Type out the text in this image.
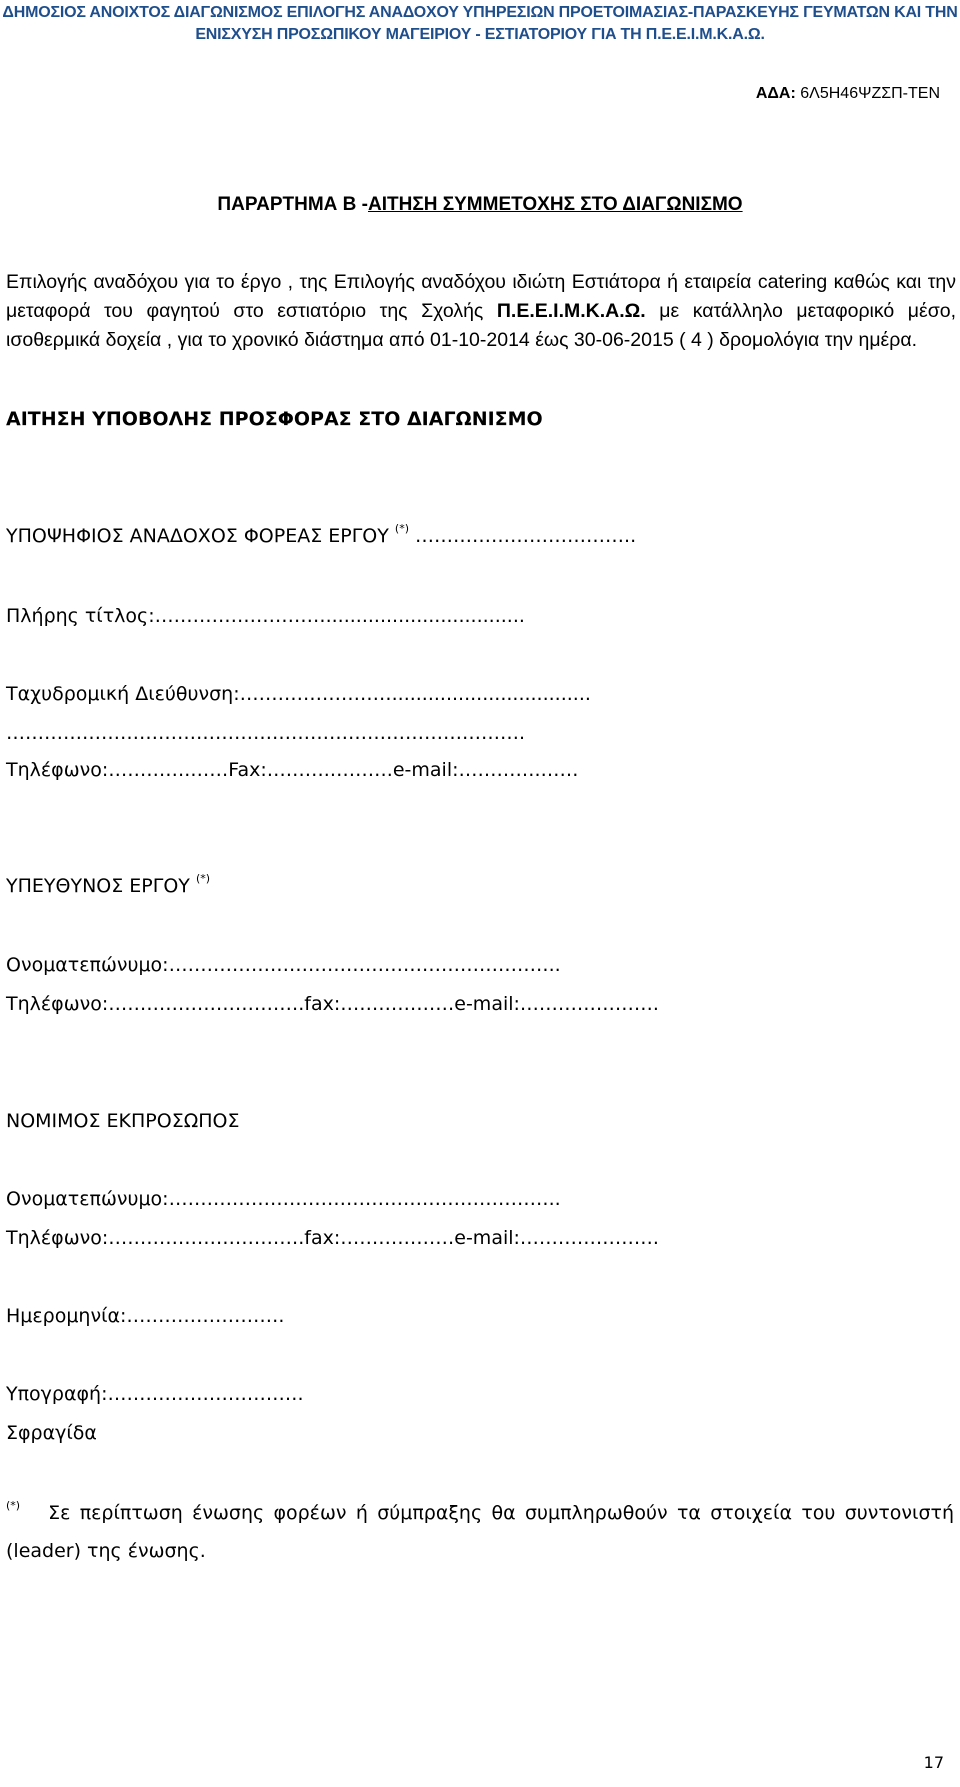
ΔΗΜΟΣΙΟΣ ΑΝΟΙΧΤΟΣ ΔΙΑΓΩΝΙΣΜΟΣ ΕΠΙΛΟΓΗΣ ΑΝΑΔΟΧΟΥ ΥΠΗΡΕΣΙΩΝ ΠΡΟΕΤΟΙΜΑΣΙΑΣ-ΠΑΡΑΣΚΕΥΗΣ ΓΕΥΜΑΤΩΝ ΚΑΙ ΤΗΝ
ΕΝΙΣΧΥΣΗ ΠΡΟΣΩΠΙΚΟΥ ΜΑΓΕΙΡΙΟΥ - ΕΣΤΙΑΤΟΡΙΟΥ ΓΙΑ ΤΗ Π.Ε.Ε.Ι.Μ.Κ.Α.Ω.
ΑΔΑ: 6Λ5Η46ΨΖΣΠ-ΤΕΝ
ΠΑΡΑΡΤΗΜΑ Β -ΑΙΤΗΣΗ ΣΥΜΜΕΤΟΧΗΣ ΣΤΟ ΔΙΑΓΩΝΙΣΜΟ
Επιλογής αναδόχου για το έργο , της Επιλογής αναδόχου ιδιώτη Εστιάτορα ή εταιρεία catering καθώς και την μεταφορά του φαγητού στο εστιατόριο της Σχολής Π.Ε.Ε.Ι.Μ.Κ.Α.Ω. με κατάλληλο μεταφορικό μέσο, ισοθερμικά δοχεία , για το χρονικό διάστημα από 01-10-2014 έως 30-06-2015 ( 4 ) δρομολόγια την ημέρα.
ΑΙΤΗΣΗ ΥΠΟΒΟΛΗΣ ΠΡΟΣΦΟΡΑΣ ΣΤΟ ΔΙΑΓΩΝΙΣΜΟ
ΥΠΟΨΗΦΙΟΣ ΑΝΑΔΟΧΟΣ ΦΟΡΕΑΣ ΕΡΓΟΥ (*) ……………………………..
Πλήρης τίτλος:……………………….................................
Ταχυδρομική Διεύθυνση:…………………….................................
……………………………………………………………………….
Τηλέφωνο:………….……Fax:……….……….e-mail:………….……
ΥΠΕΥΘΥΝΟΣ ΕΡΓΟΥ (*)
Ονοματεπώνυμο:……………………………………………………..
Τηλέφωνο:………………………….fax:………………e-mail:………………….
ΝΟΜΙΜΟΣ ΕΚΠΡΟΣΩΠΟΣ
Ονοματεπώνυμο:……………………………………………………..
Τηλέφωνο:………………………….fax:………………e-mail:………………….
Ημερομηνία:…………………….
Υπογραφή:………………………….
Σφραγίδα
(*) Σε περίπτωση ένωσης φορέων ή σύμπραξης θα συμπληρωθούν τα στοιχεία του συντονιστή (leader) της ένωσης.
17
